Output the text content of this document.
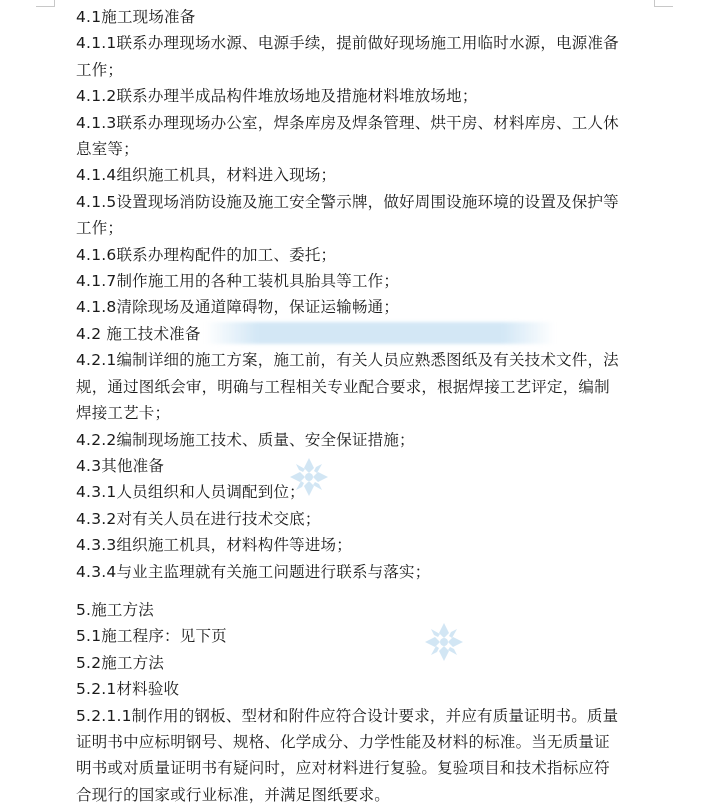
4.1施工现场准备
4.1.1联系办理现场水源、电源手续，提前做好现场施工用临时水源，电源准备
工作；
4.1.2联系办理半成品构件堆放场地及措施材料堆放场地；
4.1.3联系办理现场办公室，焊条库房及焊条管理、烘干房、材料库房、工人休
息室等；
4.1.4组织施工机具，材料进入现场；
4.1.5设置现场消防设施及施工安全警示牌，做好周围设施环境的设置及保护等
工作；
4.1.6联系办理构配件的加工、委托；
4.1.7制作施工用的各种工装机具胎具等工作；
4.1.8清除现场及通道障碍物，保证运输畅通；
4.2 施工技术准备
4.2.1编制详细的施工方案，施工前，有关人员应熟悉图纸及有关技术文件，法
规，通过图纸会审，明确与工程相关专业配合要求，根据焊接工艺评定，编制
焊接工艺卡；
4.2.2编制现场施工技术、质量、安全保证措施；
4.3其他准备
4.3.1人员组织和人员调配到位；
4.3.2对有关人员在进行技术交底；
4.3.3组织施工机具，材料构件等进场；
4.3.4与业主监理就有关施工问题进行联系与落实；
5.施工方法
5.1施工程序：见下页
5.2施工方法
5.2.1材料验收
5.2.1.1制作用的钢板、型材和附件应符合设计要求，并应有质量证明书。质量
证明书中应标明钢号、规格、化学成分、力学性能及材料的标准。当无质量证
明书或对质量证明书有疑问时，应对材料进行复验。复验项目和技术指标应符
合现行的国家或行业标准，并满足图纸要求。
